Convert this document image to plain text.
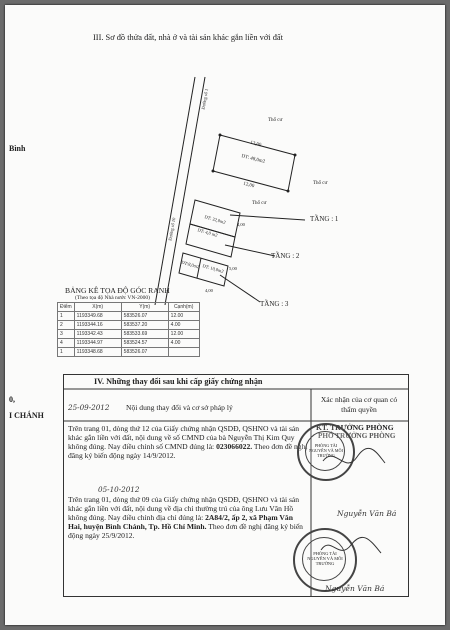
III. Sơ đồ thửa đất, nhà ở và tài sản khác gắn liền với đất
Bình
0,
I CHÁNH
Thổ cư
Thổ cư
Thổ cư
DT: 48,0m2
12,00
12,00
Đường số 1
Đường số 10	DT: 32,0m2
DT: 4,0 m2
DT: 10,0m2
DT:8,0m2
4,00
4,00
5,00
TẦNG : 1
TẦNG : 2
TẦNG : 3
BẢNG KÊ TỌA ĐỘ GÓC RANH
(Theo tọa độ Nhà nước VN-2000)
Điểm	X(m)	Y(m)	Cạnh(m)
1	1193349.68	583526.07	12.00
2	1193344.16	583537.20	4.00
3	1193342.43	583533.69	12.00
4	1193344.97	583524.57	4.00
1	1193348.68	583526.07	
IV. Những thay đổi sau khi cấp giấy chứng nhận
25-09-2012 Nội dung thay đổi và cơ sở pháp lý
Xác nhận của cơ quan có thẩm quyền
KT. TRƯỞNG PHÒNG
PHÓ TRƯỞNG PHÒNG
Trên trang 01, dòng thứ 12 của Giấy chứng nhận QSDĐ, QSHNO và tài sản khác gắn liền với đất, nội dung về số CMND của bà Nguyễn Thị Kim Quy không đúng. Nay điều chỉnh số CMND đúng là: 023066022. Theo đơn đề nghị đăng ký biến động ngày 14/9/2012.
05-10-2012
Trên trang 01, dòng thứ 09 của Giấy chứng nhận QSDĐ, QSHNO và tài sản khác gắn liền với đất, nội dung về địa chỉ thường trú của ông Lưu Văn Hồ không đúng. Nay điều chỉnh địa chỉ đúng là: 2A84/2, ấp 2, xã Phạm Văn Hai, huyện Bình Chánh, Tp. Hồ Chí Minh. Theo đơn đề nghị đăng ký biến động ngày 25/9/2012.
PHÒNG TÀI NGUYÊN VÀ MÔI TRƯỜNG
PHÒNG TÀI NGUYÊN VÀ MÔI TRƯỜNG
Nguyễn Văn Bá
Nguyễn Văn Bá
